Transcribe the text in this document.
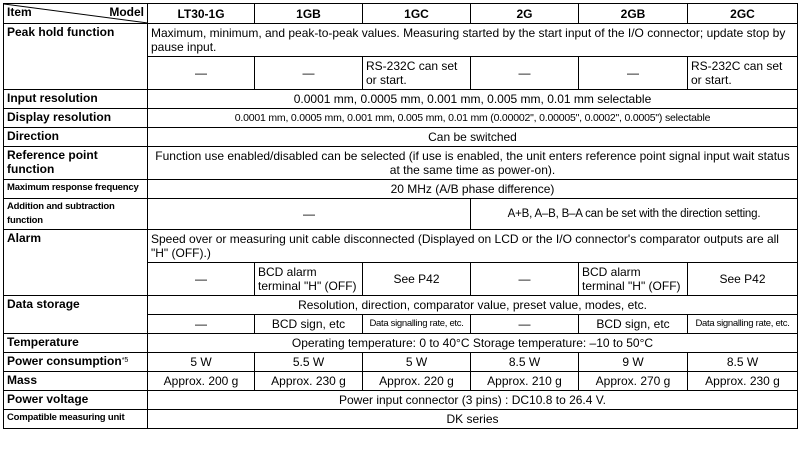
Item Model	LT30-1G	1GB	1GC	2G	2GB	2GC
Peak hold function	Maximum, minimum, and peak-to-peak values. Measuring started by the start input of the I/O connector; update stop by pause input.					
	—	—	RS-232C can set or start.	—	—	RS-232C can set or start.
Input resolution	0.0001 mm, 0.0005 mm, 0.001 mm, 0.005 mm, 0.01 mm selectable					
Display resolution	0.0001 mm, 0.0005 mm, 0.001 mm, 0.005 mm, 0.01 mm (0.00002", 0.00005", 0.0002", 0.0005") selectable					
Direction	Can be switched					
Reference point function	Function use enabled/disabled can be selected (if use is enabled, the unit enters reference point signal input wait status at the same time as power-on).					
Maximum response frequency	20 MHz (A/B phase difference)					
Addition and subtraction function	—			A+B, A–B, B–A can be set with the direction setting.		
Alarm	Speed over or measuring unit cable disconnected (Displayed on LCD or the I/O connector's comparator outputs are all "H" (OFF).)					
	—	BCD alarm terminal "H" (OFF)	See P42	—	BCD alarm terminal "H" (OFF)	See P42
Data storage	Resolution, direction, comparator value, preset value, modes, etc.					
	—	BCD sign, etc	Data signalling rate, etc.	—	BCD sign, etc	Data signalling rate, etc.
Temperature	Operating temperature: 0 to 40°C Storage temperature: –10 to 50°C					
Power consumption$^{*5}$	5 W	5.5 W	5 W	8.5 W	9 W	8.5 W
Mass	Approx. 200 g	Approx. 230 g	Approx. 220 g	Approx. 210 g	Approx. 270 g	Approx. 230 g
Power voltage	Power input connector (3 pins) : DC10.8 to 26.4 V.					
Compatible measuring unit	DK series					
